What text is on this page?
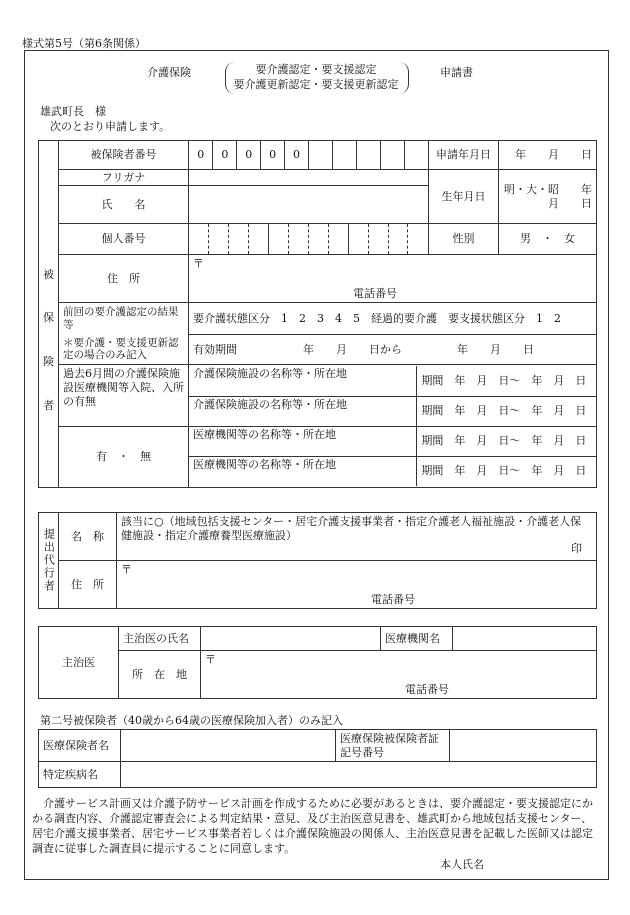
様式第5号（第6条関係）
介護保険	要介護認定・要支援認定
要介護更新認定・要支援更新認定
申請書
雄武町長　様
次のとおり申請します。
被
保
険
者
	被保険者番号		0	0	0	0	0					
		申請年月日	年　　月　　日
フリガナ		生年月日	明・大・昭　　年　　月　　日
氏　　名	
個人番号													性別	男　・　女
住　所	
〒
電話番号

前回の要介護認定の結果等	要介護状態区分　1　2　3　4　5　経過的要介護　要支援状態区分　1　2
＊要介護・要支援更新認定の場合のみ記入	有効期間　　　　　　年　　月　　日から　　　　　年　　月　　日

過去6月間の介護保険施設医療機関等入院、入所の有無
有　・　無

介護保険施設の名称等・所在地	期間　年　月　日～　年　月　日
介護保険施設の名称等・所在地	期間　年　月　日～　年　月　日
医療機関等の名称等・所在地	期間　年　月　日～　年　月　日
医療機関等の名称等・所在地	期間　年　月　日～　年　月　日
提出代行者	名　称	該当に○（地域包括支援センター・居宅介護支援事業者・指定介護老人福祉施設・介護老人保健施設・指定介護療養型医療施設）
印

	住　所	〒
電話番号
主治医	主治医の氏名		医療機関名	
	所　在　地	〒
電話番号		
第二号被保険者（40歳から64歳の医療保険加入者）のみ記入
医療保険者名		医療保険被保険者証記号番号	
特定疾病名			
介護サービス計画又は介護予防サービス計画を作成するために必要があるときは、要介護認定・要支援認定にかかる調査内容、介護認定審査会による判定結果・意見、及び主治医意見書を、雄武町から地域包括支援センター、居宅介護支援事業者、居宅サービス事業者若しくは介護保険施設の関係人、主治医意見書を記載した医師又は認定調査に従事した調査員に提示することに同意します。
本人氏名
